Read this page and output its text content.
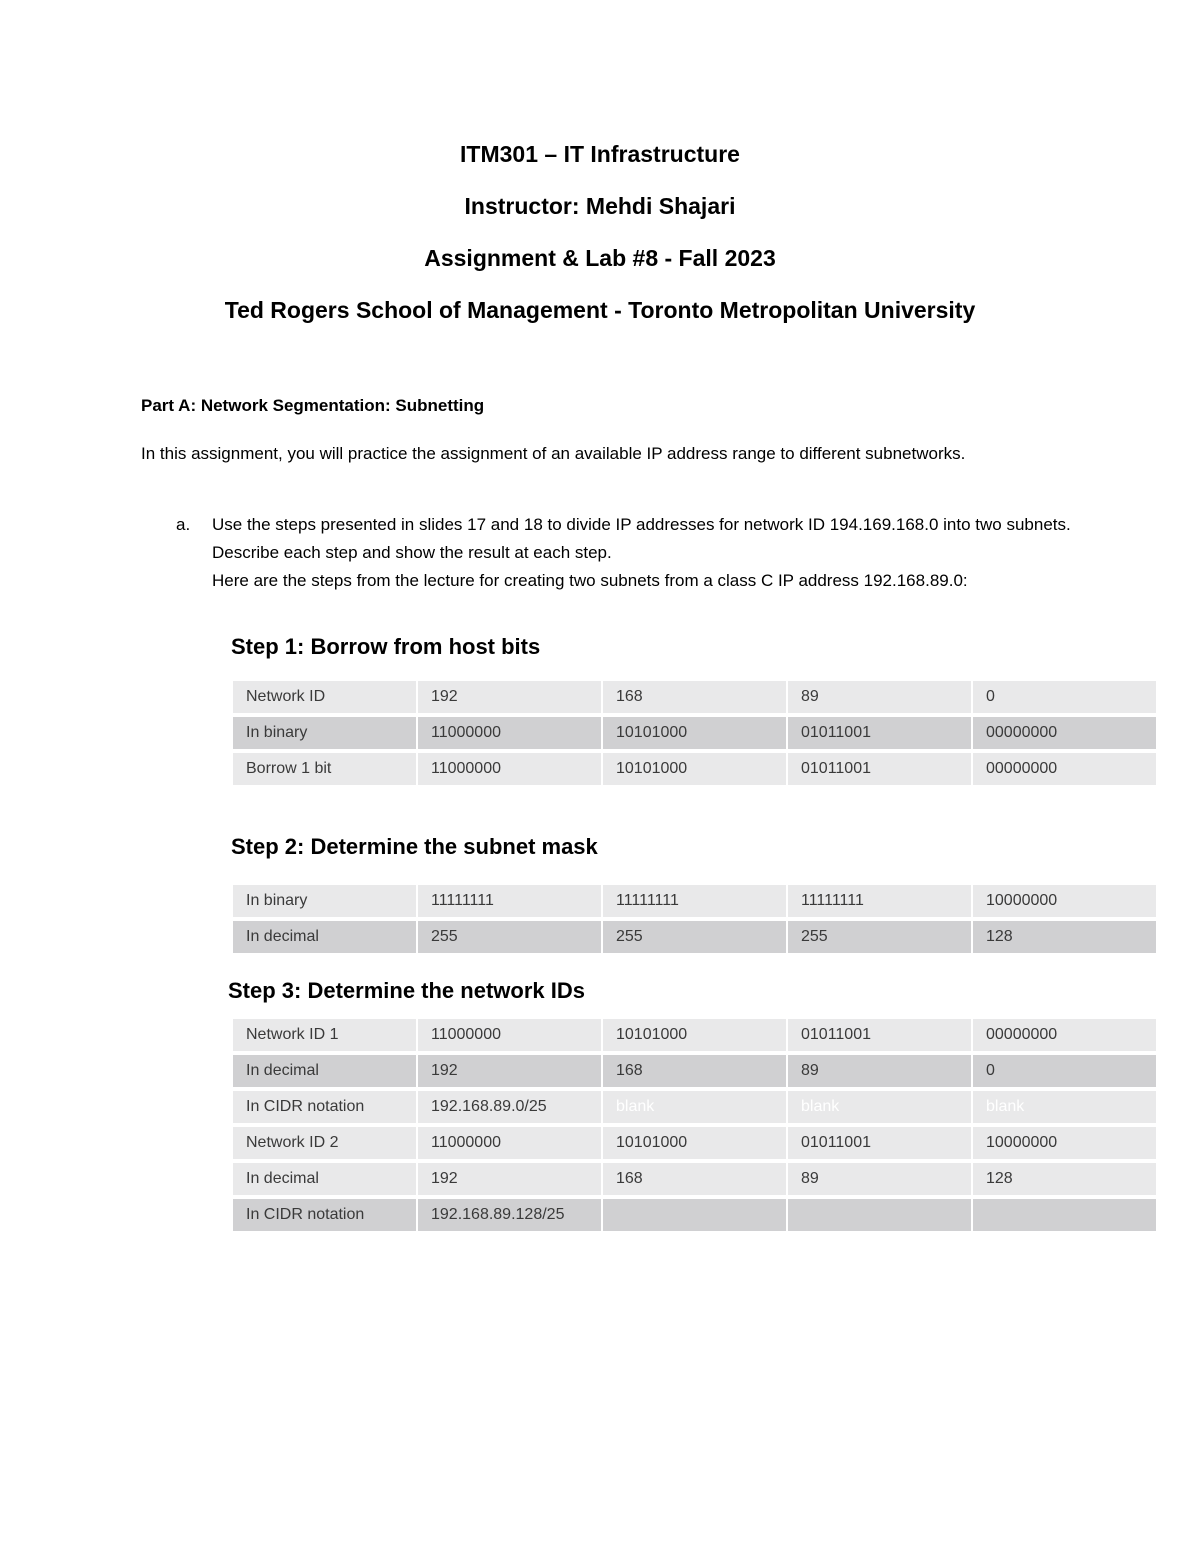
ITM301 – IT Infrastructure
Instructor: Mehdi Shajari
Assignment & Lab #8 - Fall 2023
Ted Rogers School of Management - Toronto Metropolitan University
Part A: Network Segmentation: Subnetting
In this assignment, you will practice the assignment of an available IP address range to different subnetworks.
a. Use the steps presented in slides 17 and 18 to divide IP addresses for network ID 194.169.168.0 into two subnets. Describe each step and show the result at each step.
Here are the steps from the lecture for creating two subnets from a class C IP address 192.168.89.0:
Step 1: Borrow from host bits
Network ID	192	168	89	0
In binary	11000000	10101000	01011001	00000000
Borrow 1 bit	11000000	10101000	01011001	00000000
Step 2: Determine the subnet mask
In binary	11111111	11111111	11111111	10000000
In decimal	255	255	255	128
Step 3: Determine the network IDs
Network ID 1	11000000	10101000	01011001	00000000
In decimal	192	168	89	0
In CIDR notation	192.168.89.0/25	blank	blank	blank
Network ID 2	11000000	10101000	01011001	10000000
In decimal	192	168	89	128
In CIDR notation	192.168.89.128/25			
